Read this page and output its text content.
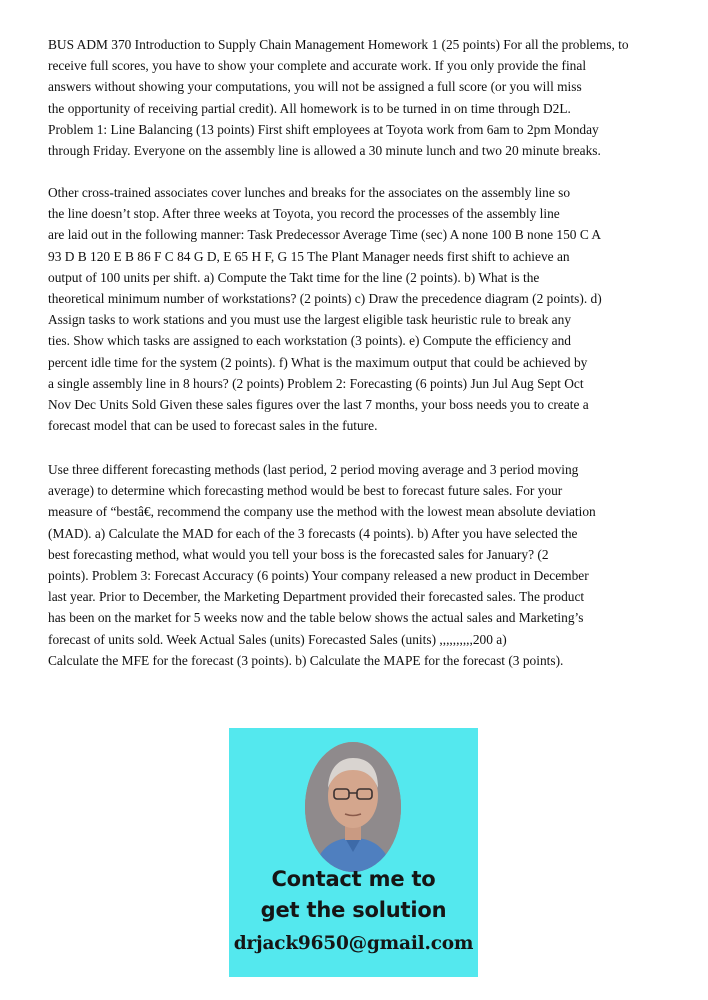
BUS ADM 370 Introduction to Supply Chain Management Homework 1 (25 points) For all the problems, to
receive full scores, you have to show your complete and accurate work. If you only provide the final
answers without showing your computations, you will not be assigned a full score (or you will miss
the opportunity of receiving partial credit). All homework is to be turned in on time through D2L.
Problem 1: Line Balancing (13 points) First shift employees at Toyota work from 6am to 2pm Monday
through Friday. Everyone on the assembly line is allowed a 30 minute lunch and two 20 minute breaks.
Other cross-trained associates cover lunches and breaks for the associates on the assembly line so
the line doesn’t stop. After three weeks at Toyota, you record the processes of the assembly line
are laid out in the following manner: Task Predecessor Average Time (sec) A none 100 B none 150 C A
93 D B 120 E B 86 F C 84 G D, E 65 H F, G 15 The Plant Manager needs first shift to achieve an
output of 100 units per shift. a) Compute the Takt time for the line (2 points). b) What is the
theoretical minimum number of workstations? (2 points) c) Draw the precedence diagram (2 points). d)
Assign tasks to work stations and you must use the largest eligible task heuristic rule to break any
ties. Show which tasks are assigned to each workstation (3 points). e) Compute the efficiency and
percent idle time for the system (2 points). f) What is the maximum output that could be achieved by
a single assembly line in 8 hours? (2 points) Problem 2: Forecasting (6 points) Jun Jul Aug Sept Oct
Nov Dec Units Sold Given these sales figures over the last 7 months, your boss needs you to create a
forecast model that can be used to forecast sales in the future.
Use three different forecasting methods (last period, 2 period moving average and 3 period moving
average) to determine which forecasting method would be best to forecast future sales. For your
measure of “bestâ€, recommend the company use the method with the lowest mean absolute deviation
(MAD). a) Calculate the MAD for each of the 3 forecasts (4 points). b) After you have selected the
best forecasting method, what would you tell your boss is the forecasted sales for January? (2
points). Problem 3: Forecast Accuracy (6 points) Your company released a new product in December
last year. Prior to December, the Marketing Department provided their forecasted sales. The product
has been on the market for 5 weeks now and the table below shows the actual sales and Marketing’s
forecast of units sold. Week Actual Sales (units) Forecasted Sales (units) ,,,,,,,,,,200 a)
Calculate the MFE for the forecast (3 points). b) Calculate the MAPE for the forecast (3 points).
Contact me to
get the solution
drjack9650@gmail.com
